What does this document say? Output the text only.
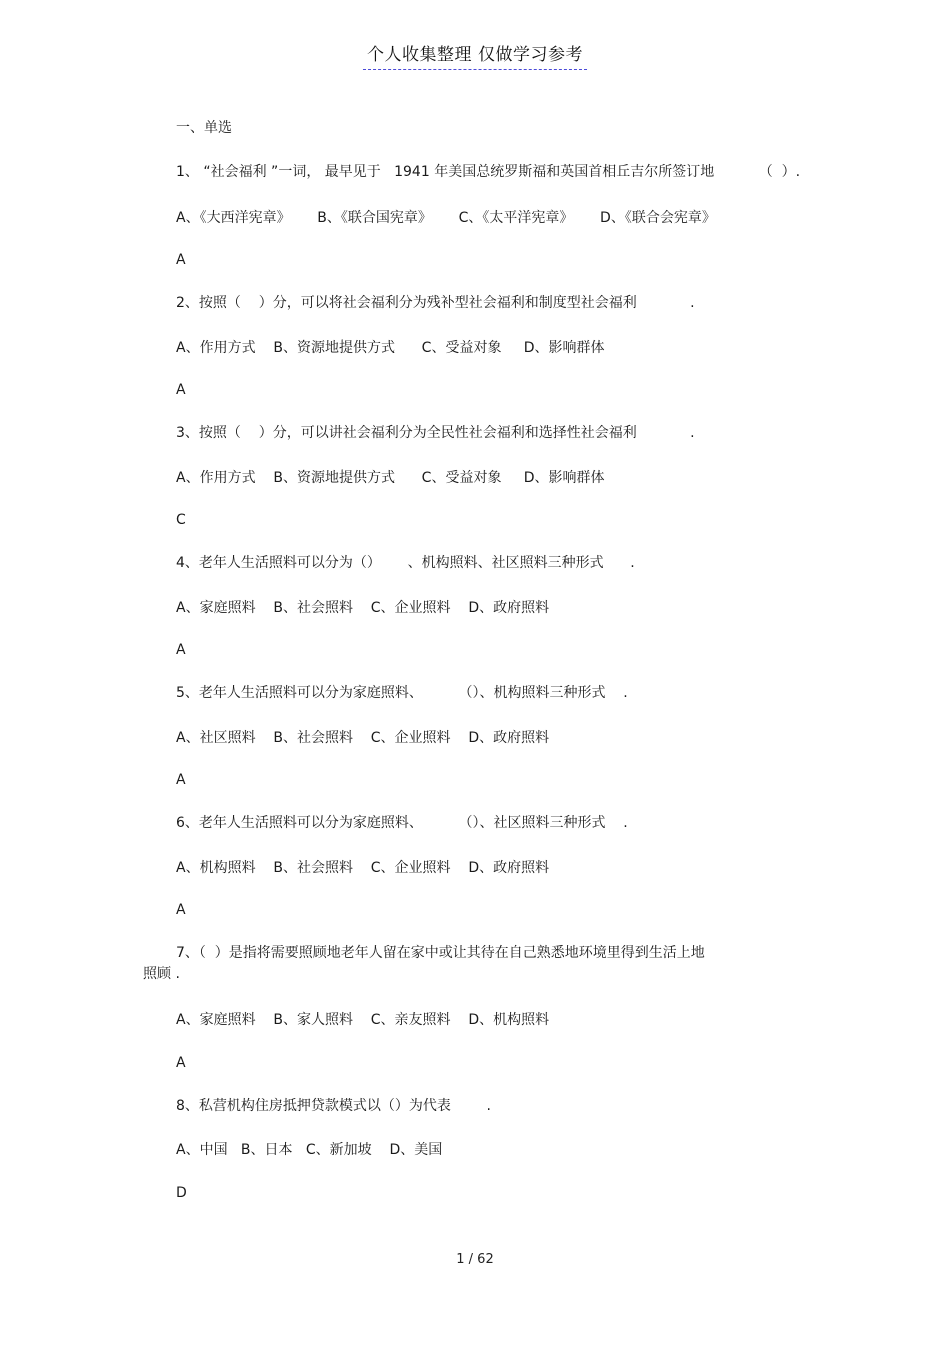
个人收集整理 仅做学习参考
一、单选
1、 “社会福利 ”一词， 最早见于   1941 年美国总统罗斯福和英国首相丘吉尔所签订地          （  ）.
A、《大西洋宪章》      B、《联合国宪章》      C、《太平洋宪章》      D、《联合会宪章》
A
2、按照（    ）分，可以将社会福利分为残补型社会福利和制度型社会福利            .
A、作用方式    B、资源地提供方式      C、受益对象     D、影响群体
A
3、按照（    ）分，可以讲社会福利分为全民性社会福利和选择性社会福利            .
A、作用方式    B、资源地提供方式      C、受益对象     D、影响群体
C
4、老年人生活照料可以分为（）      、机构照料、社区照料三种形式      .
A、家庭照料    B、社会照料    C、企业照料    D、政府照料
A
5、老年人生活照料可以分为家庭照料、        （）、机构照料三种形式    .
A、社区照料    B、社会照料    C、企业照料    D、政府照料
A
6、老年人生活照料可以分为家庭照料、        （）、社区照料三种形式    .
A、机构照料    B、社会照料    C、企业照料    D、政府照料
A
7、（  ）是指将需要照顾地老年人留在家中或让其待在自己熟悉地环境里得到生活上地
照顾 .
A、家庭照料    B、家人照料    C、亲友照料    D、机构照料
A
8、私营机构住房抵押贷款模式以（）为代表        .
A、中国   B、日本   C、新加坡    D、美国
D
1 / 62
